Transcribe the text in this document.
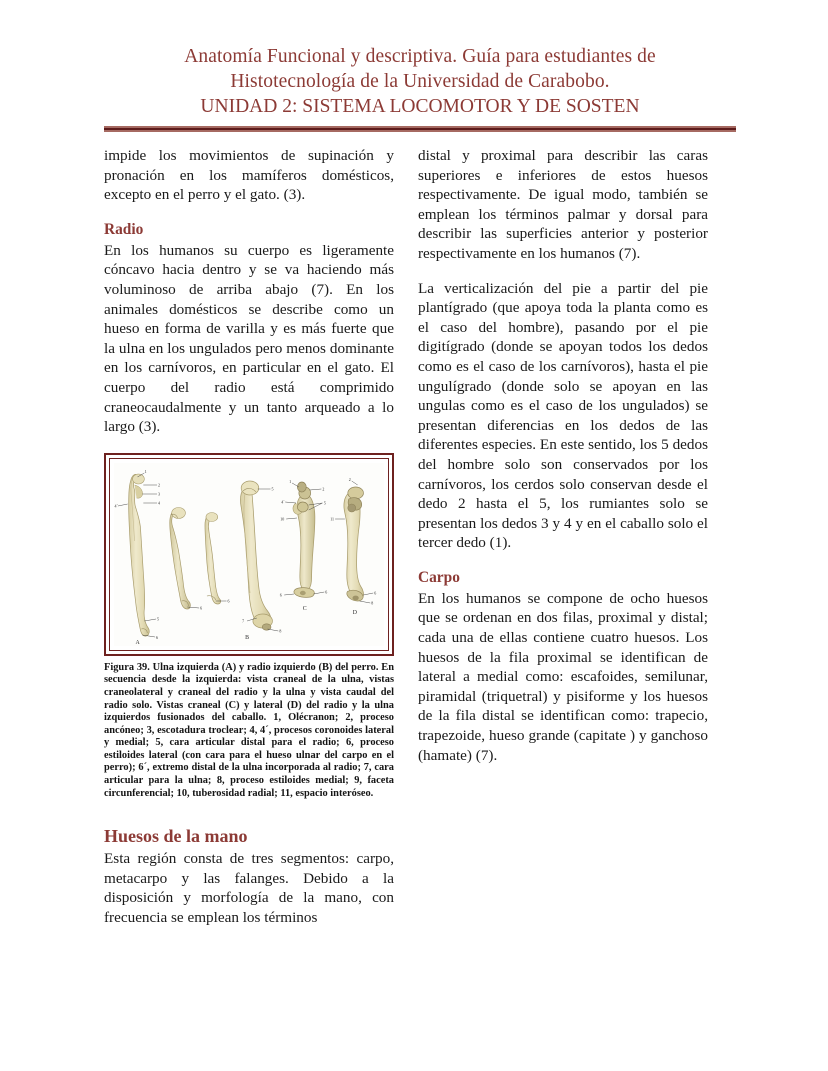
Anatomía Funcional y descriptiva. Guía para estudiantes de
Histotecnología de la Universidad de Carabobo.
UNIDAD 2: SISTEMA LOCOMOTOR Y DE SOSTEN

impide los movimientos de supinación y pronación en los mamíferos domésticos, excepto en el perro y el gato. (3).

Radio

En los humanos su cuerpo es ligeramente cóncavo hacia dentro y se va haciendo más voluminoso de arriba abajo (7). En los animales domésticos se describe como un hueso en forma de varilla y es más fuerte que la ulna en los ungulados pero menos dominante en los carnívoros, en particular en el gato. El cuerpo del radio está comprimido craneocaudalmente y un tanto arqueado a lo largo (3).

1
2
3
4
4´
5
6
6
6
5
7
8
1
2
5
4´
10
6
6
2
11
6
8
A
B
C
D
Figura 39. Ulna izquierda (A) y radio izquierdo (B) del perro. En secuencia desde la izquierda: vista craneal de la ulna, vistas craneolateral y craneal del radio y la ulna y vista caudal del radio solo. Vistas craneal (C) y lateral (D) del radio y la ulna izquierdos fusionados del caballo. 1, Olécranon; 2, proceso ancóneo; 3, escotadura troclear; 4, 4´, procesos coronoides lateral y medial; 5, cara articular distal para el radio; 6, proceso estiloides lateral (con cara para el hueso ulnar del carpo en el perro); 6´, extremo distal de la ulna incorporada al radio; 7, cara articular para la ulna; 8, proceso estiloides medial; 9, faceta circunferencial; 10, tuberosidad radial; 11, espacio interóseo.
Huesos de la mano

Esta región consta de tres segmentos: carpo, metacarpo y las falanges. Debido a la disposición y morfología de la mano, con frecuencia se emplean los términos

distal y proximal para describir las caras superiores e inferiores de estos huesos respectivamente. De igual modo, también se emplean los términos palmar y dorsal para describir las superficies anterior y posterior respectivamente en los humanos (7).

La verticalización del pie a partir del pie plantígrado (que apoya toda la planta como es el caso del hombre), pasando por el pie digitígrado (donde se apoyan todos los dedos como es el caso de los carnívoros), hasta el pie ungulígrado (donde solo se apoyan en las ungulas como es el caso de los ungulados) se presentan diferencias en los dedos de las diferentes especies. En este sentido, los 5 dedos del hombre solo son conservados por los carnívoros, los cerdos solo conservan desde el dedo 2 hasta el 5, los rumiantes solo se presentan los dedos 3 y 4 y en el caballo solo el tercer dedo (1).

Carpo

En los humanos se compone de ocho huesos que se ordenan en dos filas, proximal y distal; cada una de ellas contiene cuatro huesos. Los huesos de la fila proximal se identifican de lateral a medial como: escafoides, semilunar, piramidal (triquetral) y pisiforme y los huesos de la fila distal se identifican como: trapecio, trapezoide, hueso grande (capitate ) y ganchoso (hamate) (7).
